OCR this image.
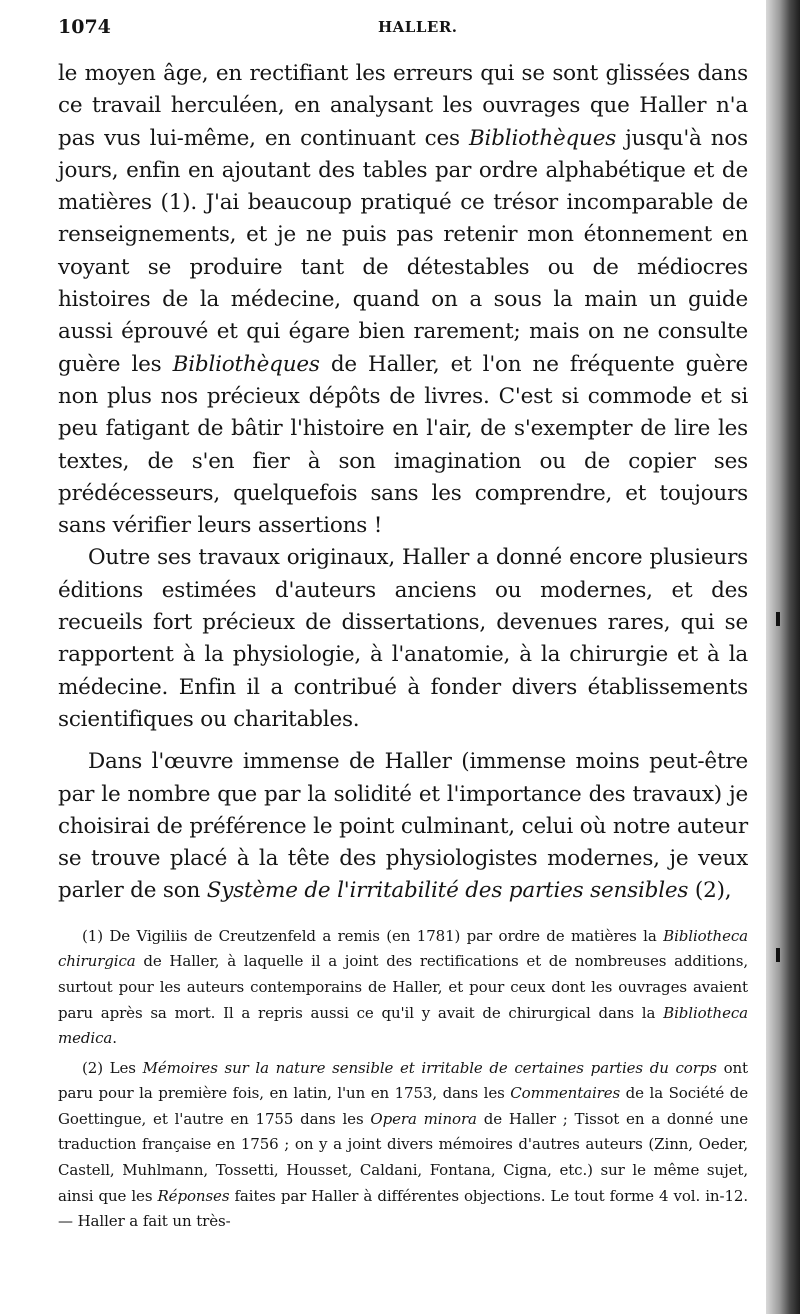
1074	HALLER.

le moyen âge, en rectifiant les erreurs qui se sont glissées dans ce travail herculéen, en analysant les ouvrages que Haller n'a pas vus lui-même, en continuant ces Bibliothèques jusqu'à nos jours, enfin en ajoutant des tables par ordre alphabétique et de matières (1). J'ai beaucoup pratiqué ce trésor incomparable de renseignements, et je ne puis pas retenir mon étonnement en voyant se produire tant de détestables ou de médiocres histoires de la médecine, quand on a sous la main un guide aussi éprouvé et qui égare bien rarement; mais on ne consulte guère les Bibliothèques de Haller, et l'on ne fréquente guère non plus nos précieux dépôts de livres. C'est si commode et si peu fatigant de bâtir l'histoire en l'air, de s'exempter de lire les textes, de s'en fier à son imagination ou de copier ses prédécesseurs, quelquefois sans les comprendre, et toujours sans vérifier leurs assertions !

Outre ses travaux originaux, Haller a donné encore plusieurs éditions estimées d'auteurs anciens ou modernes, et des recueils fort précieux de dissertations, devenues rares, qui se rapportent à la physiologie, à l'anatomie, à la chirurgie et à la médecine. Enfin il a contribué à fonder divers établissements scientifiques ou charitables.

Dans l'œuvre immense de Haller (immense moins peut-être par le nombre que par la solidité et l'importance des travaux) je choisirai de préférence le point culminant, celui où notre auteur se trouve placé à la tête des physiologistes modernes, je veux parler de son Système de l'irritabilité des parties sensibles (2),

(1) De Vigiliis de Creutzenfeld a remis (en 1781) par ordre de matières la Bibliotheca chirurgica de Haller, à laquelle il a joint des rectifications et de nombreuses additions, surtout pour les auteurs contemporains de Haller, et pour ceux dont les ouvrages avaient paru après sa mort. Il a repris aussi ce qu'il y avait de chirurgical dans la Bibliotheca medica.

(2) Les Mémoires sur la nature sensible et irritable de certaines parties du corps ont paru pour la première fois, en latin, l'un en 1753, dans les Commentaires de la Société de Goettingue, et l'autre en 1755 dans les Opera minora de Haller ; Tissot en a donné une traduction française en 1756 ; on y a joint divers mémoires d'autres auteurs (Zinn, Oeder, Castell, Muhlmann, Tossetti, Housset, Caldani, Fontana, Cigna, etc.) sur le même sujet, ainsi que les Réponses faites par Haller à différentes objections. Le tout forme 4 vol. in-12. — Haller a fait un très-
